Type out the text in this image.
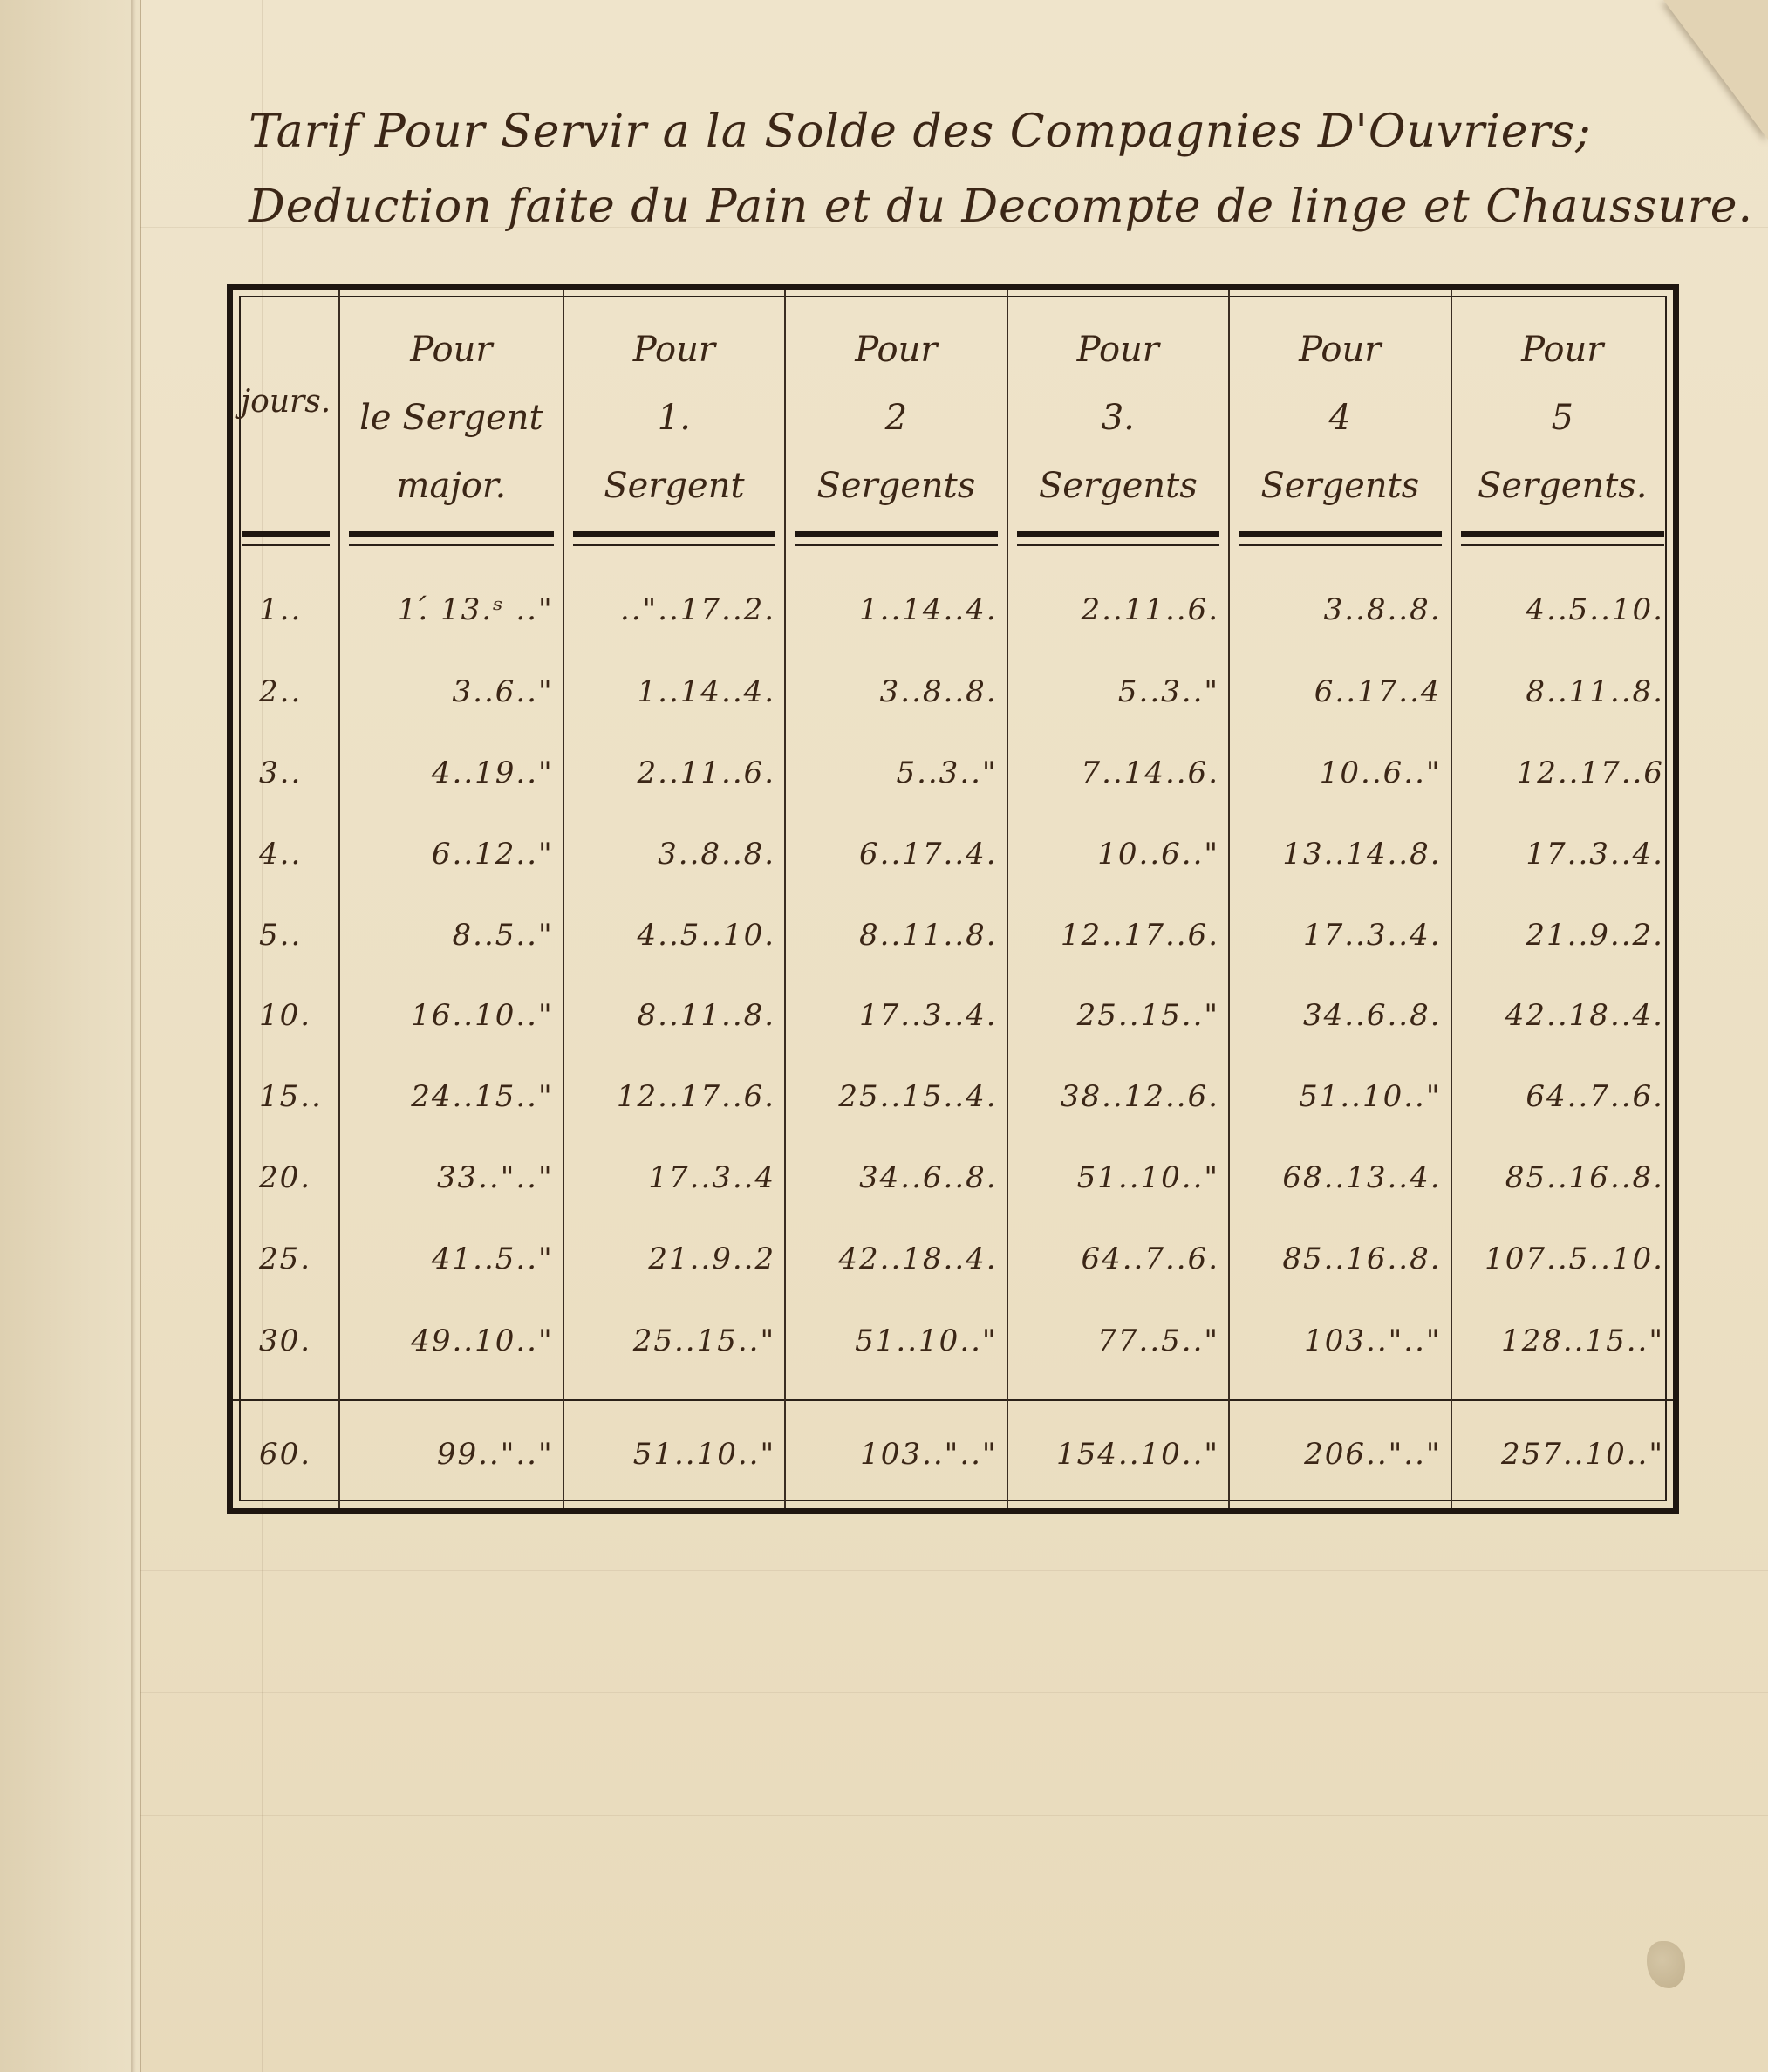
Tarif Pour Servir a la Solde des Compagnies D'Ouvriers;
Deduction faite du Pain et du Decompte de linge et Chaussure.
jours.	Pour
le Sergent
major.	Pour
1.
Sergent	Pour
2
Sergents	Pour
3.
Sergents	Pour
4
Sergents	Pour
5
Sergents.

1..	1.́ 13.ˢ .."	.."..17..2.	1..14..4.	2..11..6.	3..8..8.	4..5..10.
2..	3..6.."	1..14..4.	3..8..8.	5..3.."	6..17..4	8..11..8.
3..	4..19.."	2..11..6.	5..3.."	7..14..6.	10..6.."	12..17..6
4..	6..12.."	3..8..8.	6..17..4.	10..6.."	13..14..8.	17..3..4.
5..	8..5.."	4..5..10.	8..11..8.	12..17..6.	17..3..4.	21..9..2.
10.	16..10.."	8..11..8.	17..3..4.	25..15.."	34..6..8.	42..18..4.
15..	24..15.."	12..17..6.	25..15..4.	38..12..6.	51..10.."	64..7..6.
20.	33..".."	17..3..4	34..6..8.	51..10.."	68..13..4.	85..16..8.
25.	41..5.."	21..9..2	42..18..4.	64..7..6.	85..16..8.	107..5..10.
30.	49..10.."	25..15.."	51..10.."	77..5.."	103..".."	128..15.."
60.	99..".."	51..10.."	103..".."	154..10.."	206..".."	257..10.."
